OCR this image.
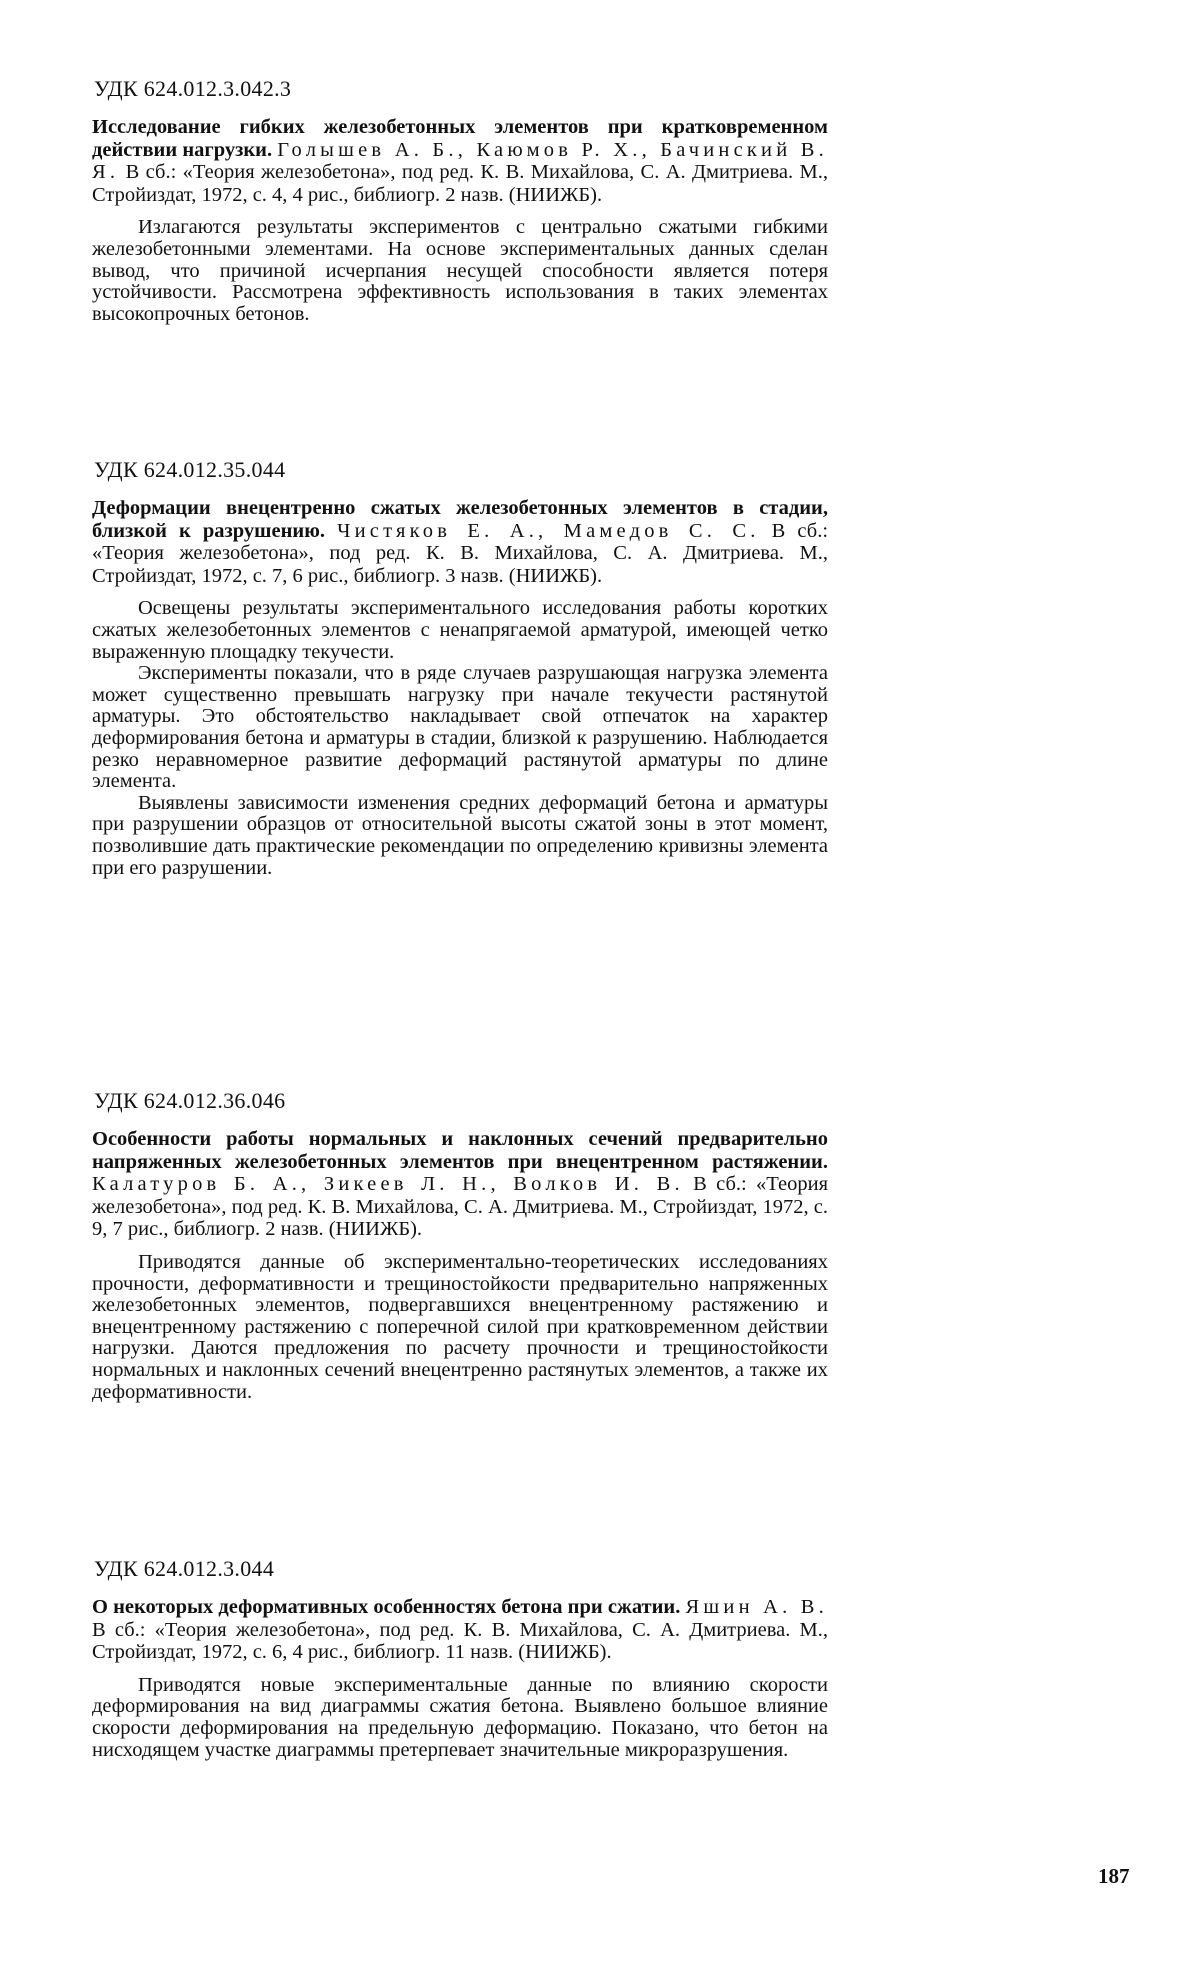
УДК 624.012.3.042.3
Исследование гибких железобетонных элементов при кратковременном действии нагрузки. Голышев А. Б., Каюмов Р. Х., Бачинский В. Я. В сб.: «Теория железобетона», под ред. К. В. Михайлова, С. А. Дмитриева. М., Стройиздат, 1972, с. 4, 4 рис., библиогр. 2 назв. (НИИЖБ).

Излагаются результаты экспериментов с центрально сжатыми гибкими железобетонными элементами. На основе экспериментальных данных сделан вывод, что причиной исчерпания несущей способности является потеря устойчивости. Рассмотрена эффективность использования в таких элементах высокопрочных бетонов.

УДК 624.012.35.044
Деформации внецентренно сжатых железобетонных элементов в стадии, близкой к разрушению. Чистяков Е. А., Мамедов С. С. В сб.: «Теория железобетона», под ред. К. В. Михайлова, С. А. Дмитриева. М., Стройиздат, 1972, с. 7, 6 рис., библиогр. 3 назв. (НИИЖБ).

Освещены результаты экспериментального исследования работы коротких сжатых железобетонных элементов с ненапрягаемой арматурой, имеющей четко выраженную площадку текучести.

Эксперименты показали, что в ряде случаев разрушающая нагрузка элемента может существенно превышать нагрузку при начале текучести растянутой арматуры. Это обстоятельство накладывает свой отпечаток на характер деформирования бетона и арматуры в стадии, близкой к разрушению. Наблюдается резко неравномерное развитие деформаций растянутой арматуры по длине элемента.

Выявлены зависимости изменения средних деформаций бетона и арматуры при разрушении образцов от относительной высоты сжатой зоны в этот момент, позволившие дать практические рекомендации по определению кривизны элемента при его разрушении.

УДК 624.012.36.046
Особенности работы нормальных и наклонных сечений предварительно напряженных железобетонных элементов при внецентренном растяжении. Калатуров Б. А., Зикеев Л. Н., Волков И. В. В сб.: «Теория железобетона», под ред. К. В. Михайлова, С. А. Дмитриева. М., Стройиздат, 1972, с. 9, 7 рис., библиогр. 2 назв. (НИИЖБ).

Приводятся данные об экспериментально-теоретических исследованиях прочности, деформативности и трещиностойкости предварительно напряженных железобетонных элементов, подвергавшихся внецентренному растяжению и внецентренному растяжению с поперечной силой при кратковременном действии нагрузки. Даются предложения по расчету прочности и трещиностойкости нормальных и наклонных сечений внецентренно растянутых элементов, а также их деформативности.

УДК 624.012.3.044
О некоторых деформативных особенностях бетона при сжатии. Яшин А. В. В сб.: «Теория железобетона», под ред. К. В. Михайлова, С. А. Дмитриева. М., Стройиздат, 1972, с. 6, 4 рис., библиогр. 11 назв. (НИИЖБ).

Приводятся новые экспериментальные данные по влиянию скорости деформирования на вид диаграммы сжатия бетона. Выявлено большое влияние скорости деформирования на предельную деформацию. Показано, что бетон на нисходящем участке диаграммы претерпевает значительные микроразрушения.

187
